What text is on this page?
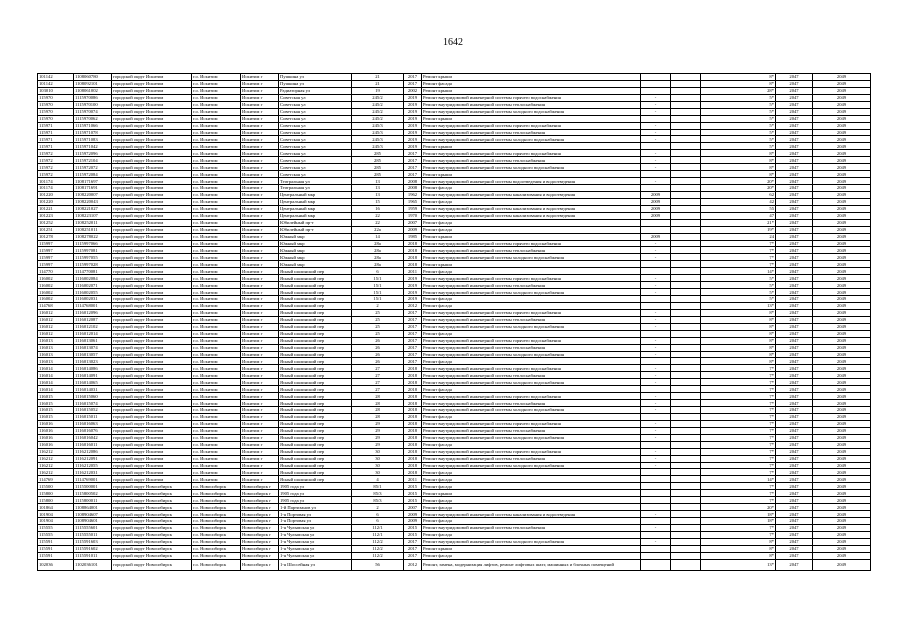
1642
101142	1108060780	городской округ Искитим	г.о. Искитим	Искитим г	Пушкина ул	21	2017	Ремонт крыши			8*	2047	2049
101142	1108092101	городской округ Искитим	г.о. Искитим	Искитим г	Пушкина ул	21	2017	Ремонт фасада			8*	2047	2049
103010	1108061002	городской округ Искитим	г.о. Искитим	Искитим г	Радиаторная ул	19	2002	Ремонт крыши			28*	2047	2049
115970	1115970086	городской округ Искитим	г.о. Искитим	Искитим г	Советская ул	245/2	2019	Ремонт внутридомовой инженерной системы горячего водоснабжения	-		5*	2047	2049
115970	1115970100	городской округ Искитим	г.о. Искитим	Искитим г	Советская ул	245/2	2019	Ремонт внутридомовой инженерной системы теплоснабжения	-		5*	2047	2049
115970	1115970074	городской округ Искитим	г.о. Искитим	Искитим г	Советская ул	245/2	2019	Ремонт внутридомовой инженерной системы холодного водоснабжения	-		5*	2047	2049
115970	1115970062	городской округ Искитим	г.о. Искитим	Искитим г	Советская ул	245/2	2019	Ремонт крыши			5*	2047	2049
115971	1115971066	городской округ Искитим	г.о. Искитим	Искитим г	Советская ул	245/3	2019	Ремонт внутридомовой инженерной системы горячего водоснабжения	-		5*	2047	2049
115971	1115971078	городской округ Искитим	г.о. Искитим	Искитим г	Советская ул	245/3	2019	Ремонт внутридомовой инженерной системы теплоснабжения	-		5*	2047	2049
115971	1115971083	городской округ Искитим	г.о. Искитим	Искитим г	Советская ул	245/3	2019	Ремонт внутридомовой инженерной системы холодного водоснабжения	-		5*	2047	2049
115971	1115971042	городской округ Искитим	г.о. Искитим	Искитим г	Советская ул	245/3	2019	Ремонт крыши			5*	2047	2049
115972	1115972096	городской округ Искитим	г.о. Искитим	Искитим г	Советская ул	285	2017	Ремонт внутридомовой инженерной системы горячего водоснабжения	-		8*	2047	2049
115972	1115972104	городской округ Искитим	г.о. Искитим	Искитим г	Советская ул	285	2017	Ремонт внутридомовой инженерной системы теплоснабжения	-		8*	2047	2049
115972	1115972072	городской округ Искитим	г.о. Искитим	Искитим г	Советская ул	285	2017	Ремонт внутридомовой инженерной системы холодного водоснабжения	-		8*	2047	2049
115972	1115972084	городской округ Искитим	г.о. Искитим	Искитим г	Советская ул	285	2017	Ремонт крыши			8*	2047	2049
101174	1108171697	городской округ Искитим	г.о. Искитим	Искитим г	Театральная ул	13	2008	Ремонт внутридомовой инженерной системы водоотведения и водоотведения	-		20*	2047	2049
101174	1108171691	городской округ Искитим	г.о. Искитим	Искитим г	Театральная ул	13	2008	Ремонт фасада			20*	2047	2049
101220	1108220007	городской округ Искитим	г.о. Искитим	Искитим г	Центральный мкр	13	1962	Ремонт внутридомовой инженерной системы канализования и водоотведения	2009		62	2047	2049
101220	1108220043	городской округ Искитим	г.о. Искитим	Искитим г	Центральный мкр	15	1965	Ремонт фасада	2009		42	2047	2049
101221	1108221027	городской округ Искитим	г.о. Искитим	Искитим г	Центральный мкр	16	1959	Ремонт внутридомовой инженерной системы канализования и водоотведения	2009		55	2047	2049
101223	1108223107	городской округ Искитим	г.о. Искитим	Искитим г	Центральный мкр	22	1970	Ремонт внутридомовой инженерной системы канализования и водоотведения	2009		47	2047	2049
101252	1108252011	городской округ Искитим	г.о. Искитим	Искитим г	Юбилейный пр-т	22	2007	Ремонт фасада			21*	2047	2049
101251	1108251011	городской округ Искитим	г.о. Искитим	Искитим г	Юбилейный пр-т	22а	2009	Ремонт фасада			19*	2047	2049
101278	1108278022	городской округ Искитим	г.о. Искитим	Искитим г	Южный мкр	14	1985	Ремонт крыши	2009		24	2047	2049
115997	1115997066	городской округ Искитим	г.о. Искитим	Искитим г	Южный мкр	28а	2018	Ремонт внутридомовой инженерной системы горячего водоснабжения	-		7*	2047	2049
115997	1115997081	городской округ Искитим	г.о. Искитим	Искитим г	Южный мкр	28а	2018	Ремонт внутридомовой инженерной системы теплоснабжения	-		7*	2047	2049
115997	1115997055	городской округ Искитим	г.о. Искитим	Искитим г	Южный мкр	28а	2018	Ремонт внутридомовой инженерной системы холодного водоснабжения	-		7*	2047	2049
115997	1115997028	городской округ Искитим	г.о. Искитим	Искитим г	Южный мкр	28а	2018	Ремонт крыши			7*	2047	2049
114770	1114770081	городской округ Искитим	г.о. Искитим	Искитим г	Ясный шалинский пер	6	2011	Ремонт фасада			14*	2047	2049
116002	1116002084	городской округ Искитим	г.о. Искитим	Искитим г	Ясный шалинский пер	15/1	2019	Ремонт внутридомовой инженерной системы горячего водоснабжения	-		5*	2047	2049
116002	1116002071	городской округ Искитим	г.о. Искитим	Искитим г	Ясный шалинский пер	15/1	2019	Ремонт внутридомовой инженерной системы теплоснабжения	-		5*	2047	2049
116002	1116002055	городской округ Искитим	г.о. Искитим	Искитим г	Ясный шалинский пер	15/1	2019	Ремонт внутридомовой инженерной системы холодного водоснабжения	-		5*	2047	2049
116002	1116002031	городской округ Искитим	г.о. Искитим	Искитим г	Ясный шалинский пер	15/1	2019	Ремонт фасада			5*	2047	2049
114768	1114768001	городской округ Искитим	г.о. Искитим	Искитим г	Ясный шалинский пер	2	2012	Ремонт фасада			13*	2047	2049
116012	1116012096	городской округ Искитим	г.о. Искитим	Искитим г	Ясный шалинский пер	25	2017	Ремонт внутридомовой инженерной системы горячего водоснабжения	-		8*	2047	2049
116012	1116012087	городской округ Искитим	г.о. Искитим	Искитим г	Ясный шалинский пер	25	2017	Ремонт внутридомовой инженерной системы теплоснабжения	-		8*	2047	2049
116012	1116012102	городской округ Искитим	г.о. Искитим	Искитим г	Ясный шалинский пер	25	2017	Ремонт внутридомовой инженерной системы холодного водоснабжения	-		8*	2047	2049
116012	1116012014	городской округ Искитим	г.о. Искитим	Искитим г	Ясный шалинский пер	25	2017	Ремонт фасада			8*	2047	2049
116013	1116013061	городской округ Искитим	г.о. Искитим	Искитим г	Ясный шалинский пер	26	2017	Ремонт внутридомовой инженерной системы горячего водоснабжения	-		8*	2047	2049
116013	1116013074	городской округ Искитим	г.о. Искитим	Искитим г	Ясный шалинский пер	26	2017	Ремонт внутридомовой инженерной системы теплоснабжения	-		8*	2047	2049
116013	1116013057	городской округ Искитим	г.о. Искитим	Искитим г	Ясный шалинский пер	26	2017	Ремонт внутридомовой инженерной системы холодного водоснабжения	-		8*	2047	2049
116013	1116013023	городской округ Искитим	г.о. Искитим	Искитим г	Ясный шалинский пер	26	2017	Ремонт фасада			8*	2047	2049
116014	1116014086	городской округ Искитим	г.о. Искитим	Искитим г	Ясный шалинский пер	27	2018	Ремонт внутридомовой инженерной системы горячего водоснабжения	-		7*	2047	2049
116014	1116014091	городской округ Искитим	г.о. Искитим	Искитим г	Ясный шалинский пер	27	2018	Ремонт внутридомовой инженерной системы теплоснабжения	-		7*	2047	2049
116014	1116014065	городской округ Искитим	г.о. Искитим	Искитим г	Ясный шалинский пер	27	2018	Ремонт внутридомовой инженерной системы холодного водоснабжения	-		7*	2047	2049
116014	1116014031	городской округ Искитим	г.о. Искитим	Искитим г	Ясный шалинский пер	27	2018	Ремонт фасада			7*	2047	2049
116015	1116015060	городской округ Искитим	г.о. Искитим	Искитим г	Ясный шалинский пер	28	2018	Ремонт внутридомовой инженерной системы горячего водоснабжения	-		7*	2047	2049
116015	1116015074	городской округ Искитим	г.о. Искитим	Искитим г	Ясный шалинский пер	28	2018	Ремонт внутридомовой инженерной системы теплоснабжения	-		7*	2047	2049
116015	1116015052	городской округ Искитим	г.о. Искитим	Искитим г	Ясный шалинский пер	28	2018	Ремонт внутридомовой инженерной системы холодного водоснабжения	-		7*	2047	2049
116015	1116015011	городской округ Искитим	г.о. Искитим	Искитим г	Ясный шалинский пер	28	2018	Ремонт фасада			7*	2047	2049
116016	1116016063	городской округ Искитим	г.о. Искитим	Искитим г	Ясный шалинский пер	29	2018	Ремонт внутридомовой инженерной системы горячего водоснабжения	-		7*	2047	2049
116016	1116016076	городской округ Искитим	г.о. Искитим	Искитим г	Ясный шалинский пер	29	2018	Ремонт внутридомовой инженерной системы теплоснабжения	-		7*	2047	2049
116016	1116016042	городской округ Искитим	г.о. Искитим	Искитим г	Ясный шалинский пер	29	2018	Ремонт внутридомовой инженерной системы холодного водоснабжения	-		7*	2047	2049
116016	1116016011	городской округ Искитим	г.о. Искитим	Искитим г	Ясный шалинский пер	29	2018	Ремонт фасада			7*	2047	2049
116212	1116212086	городской округ Искитим	г.о. Искитим	Искитим г	Ясный шалинский пер	30	2018	Ремонт внутридомовой инженерной системы горячего водоснабжения	-		7*	2047	2049
116212	1116212091	городской округ Искитим	г.о. Искитим	Искитим г	Ясный шалинский пер	30	2018	Ремонт внутридомовой инженерной системы теплоснабжения	-		7*	2047	2049
116212	1116212055	городской округ Искитим	г.о. Искитим	Искитим г	Ясный шалинский пер	30	2018	Ремонт внутридомовой инженерной системы холодного водоснабжения	-		7*	2047	2049
116212	1116212031	городской округ Искитим	г.о. Искитим	Искитим г	Ясный шалинский пер	30	2018	Ремонт фасада			7*	2047	2049
114769	1114769001	городской округ Искитим	г.о. Искитим	Искитим г	Ясный шалинский пер	4	2011	Ремонт фасада			14*	2047	2049
115500	1115500001	городской округ Новосибирск	г.о. Новосибирск	Новосибирск г	1905 года ул	85/1	2015	Ремонт фасада			7*	2047	2049
115800	1115800502	городской округ Новосибирск	г.о. Новосибирск	Новосибирск г	1905 года ул	85/3	2015	Ремонт крыши			7*	2047	2049
115800	1115800011	городской округ Новосибирск	г.о. Новосибирск	Новосибирск г	1905 года ул	85/3	2015	Ремонт фасада			7*	2047	2049
101864	1108864001	городской округ Новосибирск	г.о. Новосибирск	Новосибирск г	1-й Партизанов ул	2	2007	Ремонт фасада			20*	2047	2049
101904	1108904607	городской округ Новосибирск	г.о. Новосибирск	Новосибирск г	1-я Портовая ул	6	2009	Ремонт внутридомовой инженерной системы канализования и водоотведения	-		18*	2047	2049
101904	1108904601	городской округ Новосибирск	г.о. Новосибирск	Новосибирск г	1-я Портовая ул	6	2009	Ремонт фасада			18*	2047	2049
115555	1115555601	городской округ Новосибирск	г.о. Новосибирск	Новосибирск г	1-я Чулымская ул	112/1	2015	Ремонт внутридомовой инженерной системы теплоснабжения	-		7*	2047	2049
115555	1115555011	городской округ Новосибирск	г.о. Новосибирск	Новосибирск г	1-я Чулымская ул	112/1	2015	Ремонт фасада			7*	2047	2049
115591	1115591603	городской округ Новосибирск	г.о. Новосибирск	Новосибирск г	1-я Чулымская ул	112/2	2017	Ремонт внутридомовой инженерной системы холодного водоснабжения	-		8*	2047	2049
115591	1115591602	городской округ Новосибирск	г.о. Новосибирск	Новосибирск г	1-я Чулымская ул	112/2	2017	Ремонт крыши			8*	2047	2049
115591	1115591011	городской округ Новосибирск	г.о. Новосибирск	Новосибирск г	1-я Чулымская ул	112/2	2017	Ремонт фасада			8*	2047	2049
102036	1102036101	городской округ Новосибирск	г.о. Новосибирск	Новосибирск г	1-я Шоссейная ул	56	2012	Ремонт, замена, модернизация лифтов, ремонт лифтовых шахт, машинных и блочных помещений			13*	2047	2049
